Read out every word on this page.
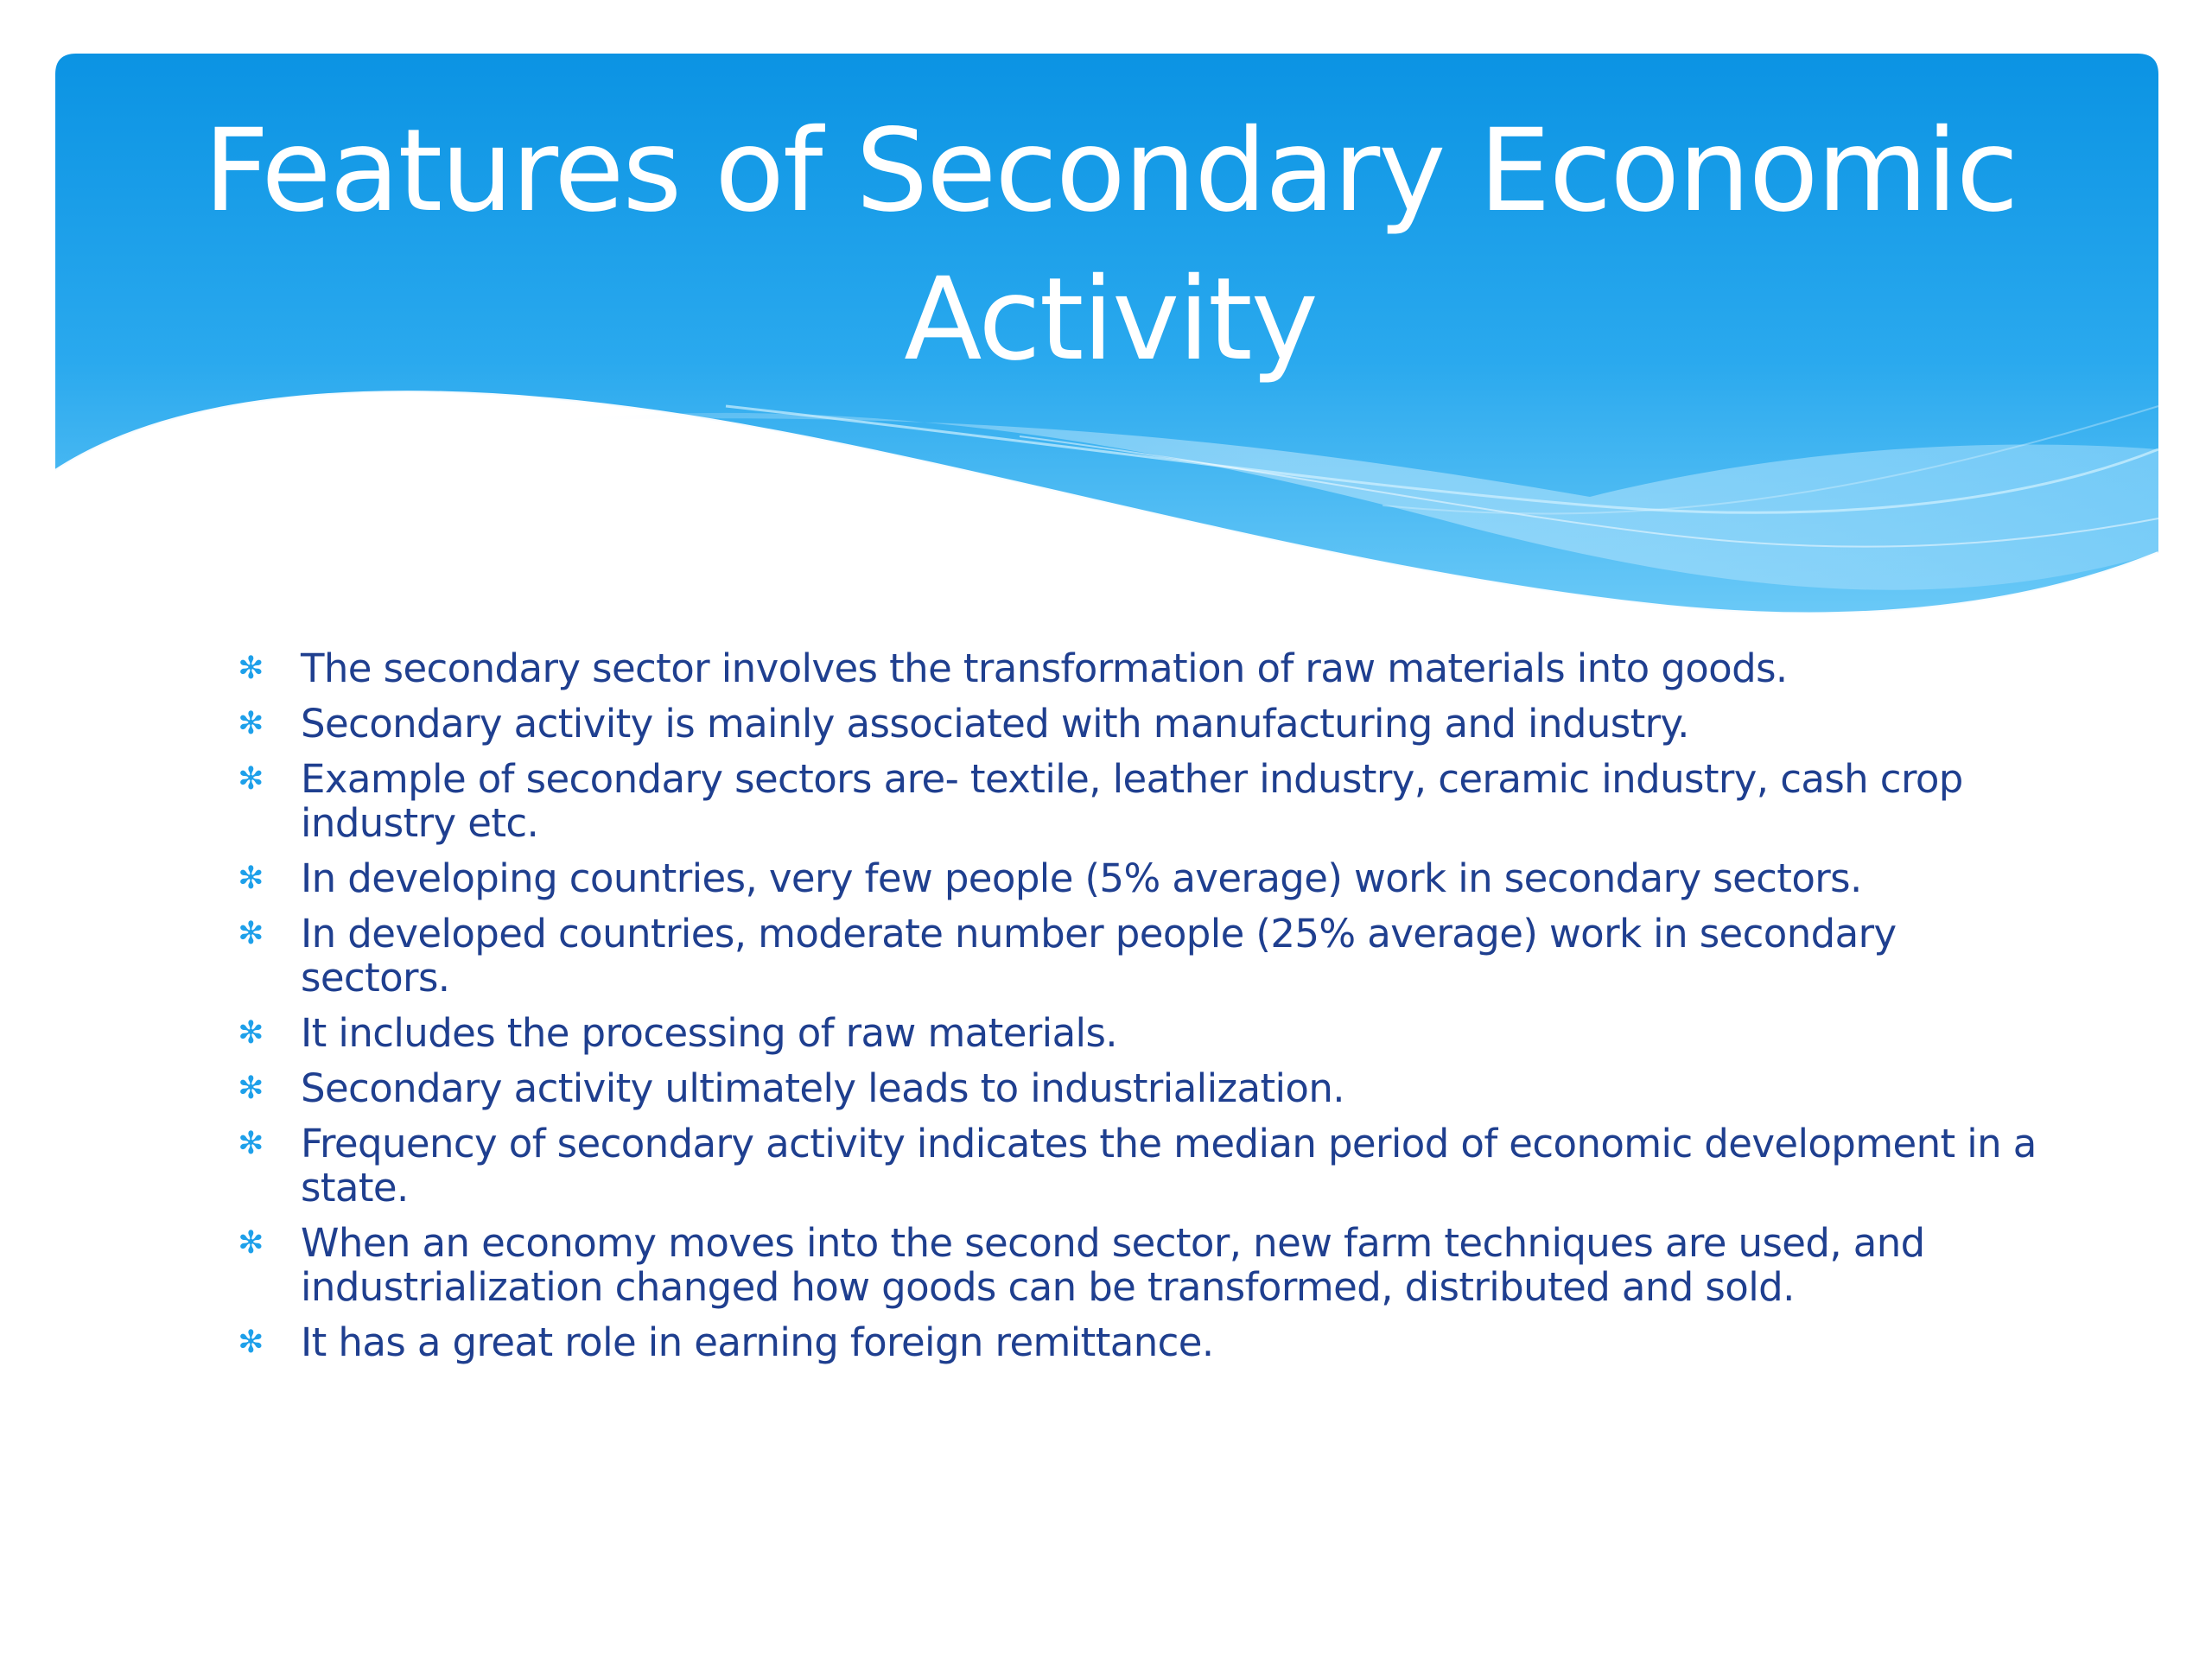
Features of Secondary Economic Activity
✻ The secondary sector involves the transformation of raw materials into goods.
✻ Secondary activity is mainly associated with manufacturing and industry.
✻ Example of secondary sectors are- textile, leather industry, ceramic industry, cash crop industry etc.
✻ In developing countries, very few people (5% average) work in secondary sectors.
✻ In developed countries, moderate number people (25% average) work in secondary sectors.
✻ It includes the processing of raw materials.
✻ Secondary activity ultimately leads to industrialization.
✻ Frequency of secondary activity indicates the median period of economic development in a state.
✻ When an economy moves into the second sector, new farm techniques are used, and industrialization changed how goods can be transformed, distributed and sold.
✻ It has a great role in earning foreign remittance.
